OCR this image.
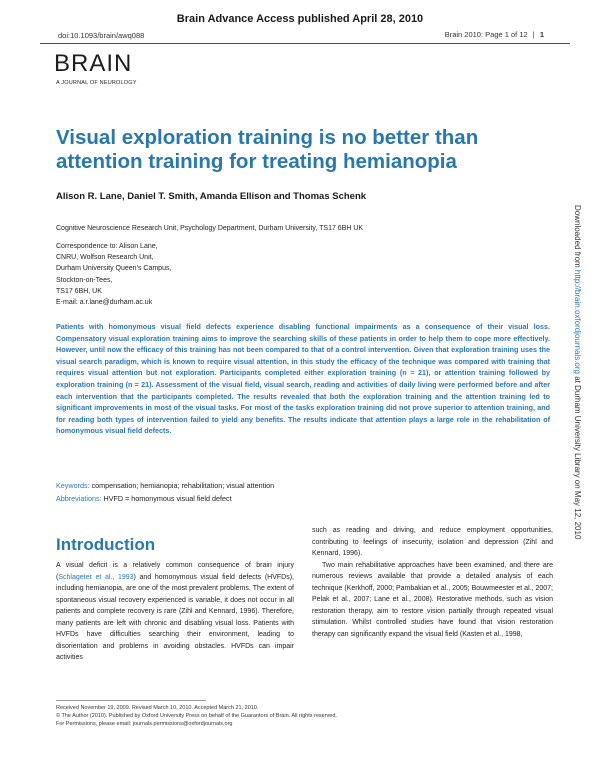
Brain Advance Access published April 28, 2010
doi:10.1093/brain/awq088	Brain 2010: Page 1 of 12 | 1
BRAIN
A JOURNAL OF NEUROLOGY
Visual exploration training is no better than attention training for treating hemianopia
Alison R. Lane, Daniel T. Smith, Amanda Ellison and Thomas Schenk
Cognitive Neuroscience Research Unit, Psychology Department, Durham University, TS17 6BH UK
Correspondence to: Alison Lane,
CNRU, Wolfson Research Unit,
Durham University Queen’s Campus,
Stockton-on-Tees,
TS17 6BH, UK
E-mail: a.r.lane@durham.ac.uk

Patients with homonymous visual field defects experience disabling functional impairments as a consequence of their visual loss. Compensatory visual exploration training aims to improve the searching skills of these patients in order to help them to cope more effectively. However, until now the efficacy of this training has not been compared to that of a control intervention. Given that exploration training uses the visual search paradigm, which is known to require visual attention, in this study the efficacy of the technique was compared with training that requires visual attention but not exploration. Participants completed either exploration training (n = 21), or attention training followed by exploration training (n = 21). Assessment of the visual field, visual search, reading and activities of daily living were performed before and after each intervention that the participants completed. The results revealed that both the exploration training and the attention training led to significant improvements in most of the visual tasks. For most of the tasks exploration training did not prove superior to attention training, and for reading both types of intervention failed to yield any benefits. The results indicate that attention plays a large role in the rehabilitation of homonymous visual field defects.

Keywords: compensation; hemianopia; rehabilitation; visual attention
Abbreviations: HVFD = homonymous visual field defect
Introduction

A visual deficit is a relatively common consequence of brain injury (Schlageter et al., 1993) and homonymous visual field defects (HVFDs), including hemianopia, are one of the most prevalent problems. The extent of spontaneous visual recovery experienced is variable, it does not occur in all patients and complete recovery is rare (Zihl and Kennard, 1996). Therefore, many patients are left with chronic and disabling visual loss. Patients with HVFDs have difficulties searching their environment, leading to disorientation and problems in avoiding obstacles. HVFDs can impair activities

such as reading and driving, and reduce employment opportunities, contributing to feelings of insecurity, isolation and depression (Zihl and Kennard, 1996).

Two main rehabilitative approaches have been examined, and there are numerous reviews available that provide a detailed analysis of each technique (Kerkhoff, 2000; Pambakian et al., 2005; Bouwmeester et al., 2007; Pelak et al., 2007; Lane et al., 2008). Restorative methods, such as vision restoration therapy, aim to restore vision partially through repeated visual stimulation. Whilst controlled studies have found that vision restoration therapy can significantly expand the visual field (Kasten et al., 1998,

Received November 19, 2009. Revised March 10, 2010. Accepted March 21, 2010.
© The Author (2010). Published by Oxford University Press on behalf of the Guarantors of Brain. All rights reserved.
For Permissions, please email: journals.permissions@oxfordjournals.org
Downloaded from http://brain.oxfordjournals.org at Durham University Library on May 12, 2010
